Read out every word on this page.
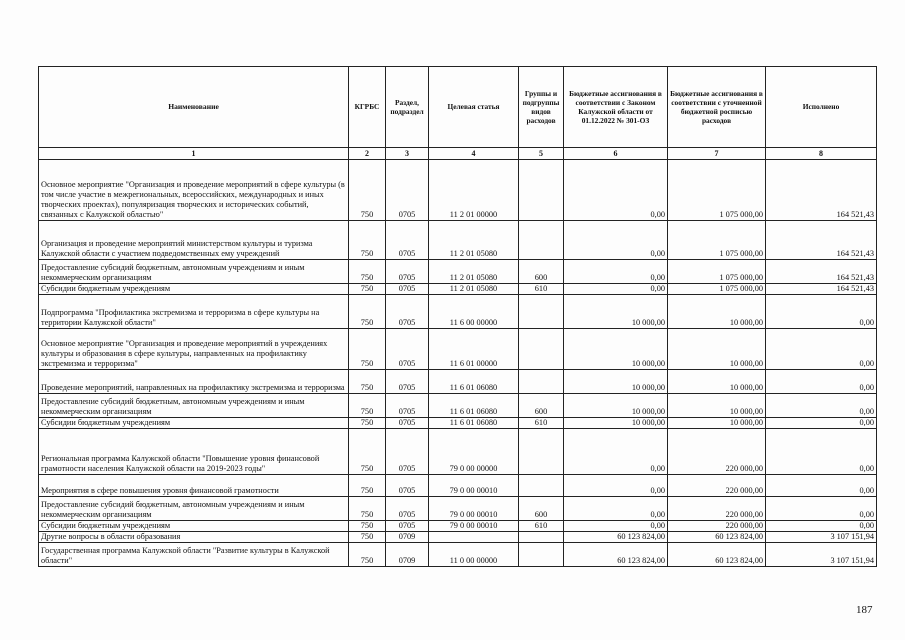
Наименование	КГРБС	Раздел, подраздел	Целевая статья	Группы и подгруппы видов расходов	Бюджетные ассигнования в соответствии с Законом Калужской области от 01.12.2022 № 301-ОЗ	Бюджетные ассигнования в соответствии с уточненной бюджетной росписью расходов	Исполнено
1	2	3	4	5	6	7	8
Основное мероприятие "Организация и проведение мероприятий в сфере культуры (в том числе участие в межрегиональных, всероссийских, международных и иных творческих проектах), популяризация творческих и исторических событий, связанных с Калужской областью"	750	0705	11 2 01 00000		0,00	1 075 000,00	164 521,43
Организация и проведение мероприятий министерством культуры и туризма Калужской области с участием подведомственных ему учреждений	750	0705	11 2 01 05080		0,00	1 075 000,00	164 521,43
Предоставление субсидий бюджетным, автономным учреждениям и иным некоммерческим организациям	750	0705	11 2 01 05080	600	0,00	1 075 000,00	164 521,43
Субсидии бюджетным учреждениям	750	0705	11 2 01 05080	610	0,00	1 075 000,00	164 521,43
Подпрограмма "Профилактика экстремизма и терроризма в сфере культуры на территории Калужской области"	750	0705	11 6 00 00000		10 000,00	10 000,00	0,00
Основное мероприятие "Организация и проведение мероприятий в учреждениях культуры и образования в сфере культуры, направленных на профилактику экстремизма и терроризма"	750	0705	11 6 01 00000		10 000,00	10 000,00	0,00
Проведение мероприятий, направленных на профилактику экстремизма и терроризма	750	0705	11 6 01 06080		10 000,00	10 000,00	0,00
Предоставление субсидий бюджетным, автономным учреждениям и иным некоммерческим организациям	750	0705	11 6 01 06080	600	10 000,00	10 000,00	0,00
Субсидии бюджетным учреждениям	750	0705	11 6 01 06080	610	10 000,00	10 000,00	0,00
Региональная программа Калужской области "Повышение уровня финансовой грамотности населения Калужской области на 2019-2023 годы"	750	0705	79 0 00 00000		0,00	220 000,00	0,00
Мероприятия в сфере повышения уровня финансовой грамотности	750	0705	79 0 00 00010		0,00	220 000,00	0,00
Предоставление субсидий бюджетным, автономным учреждениям и иным некоммерческим организациям	750	0705	79 0 00 00010	600	0,00	220 000,00	0,00
Субсидии бюджетным учреждениям	750	0705	79 0 00 00010	610	0,00	220 000,00	0,00
Другие вопросы в области образования	750	0709			60 123 824,00	60 123 824,00	3 107 151,94
Государственная программа Калужской области "Развитие культуры в Калужской области"	750	0709	11 0 00 00000		60 123 824,00	60 123 824,00	3 107 151,94
187
